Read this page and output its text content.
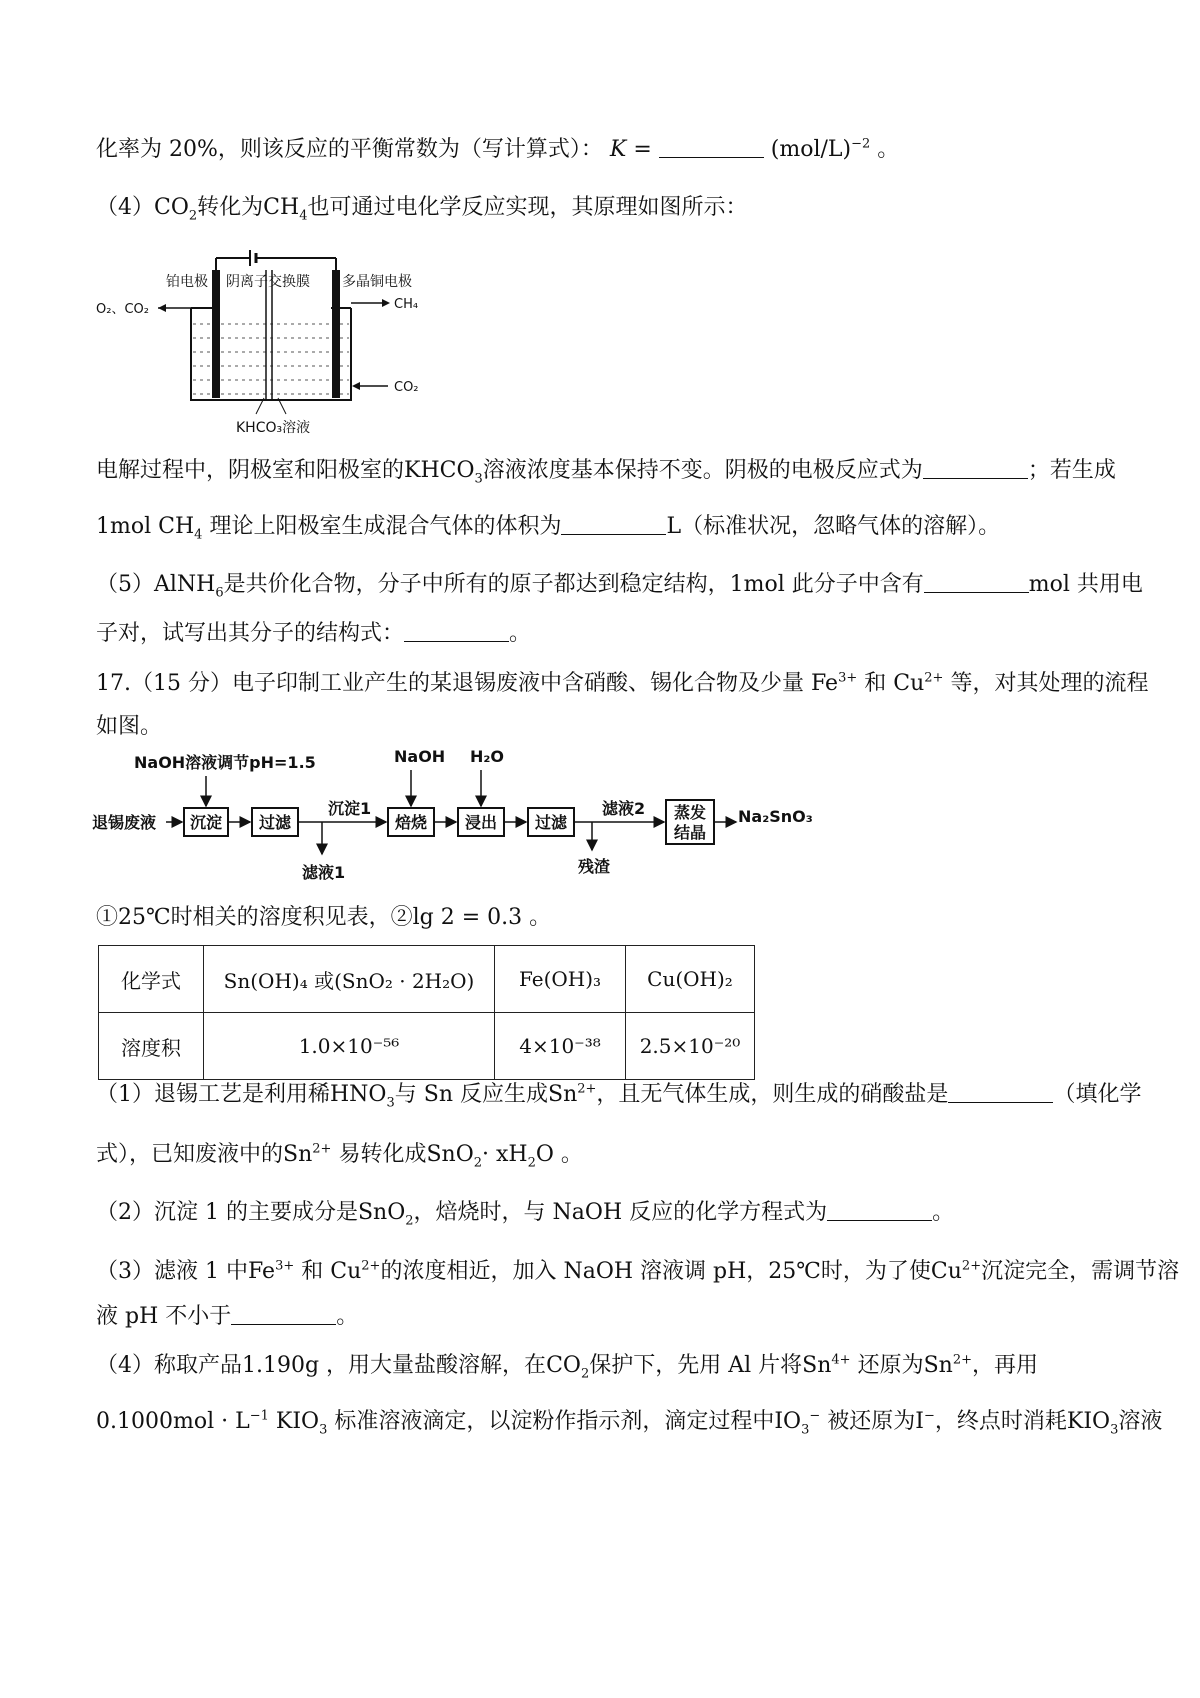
化率为 20%，则该反应的平衡常数为（写计算式）： K =	$(mol/L)^{-2}$ 。
$(4)CO_2$转化为$CH_4$也可通过电化学反应实现，其原理如图所示：
铂电极 阴离子交换膜 多晶铜电极
O₂、CO₂	CH₄
CO₂
KHCO₃溶液
电解过程中，阴极室和阳极室的$KHCO_3$溶液浓度基本保持不变。阴极的电极反应式为	；若生成
1mol $CH_4$ 理论上阳极室生成混合气体的体积为	L（标准状况，忽略气体的溶解）。
（5）AlNH$_6$是共价化合物，分子中所有的原子都达到稳定结构，1mol 此分子中含有	mol 共用电
子对，试写出其分子的结构式：	。
17.（15 分）电子印制工业产生的某退锡废液中含硝酸、锡化合物及少量 $Fe^{3+}$ 和 $Cu^{2+}$ 等，对其处理的流程
如图。
NaOH溶液调节pH=1.5	NaOH H₂O
退锡废液
沉淀1	滤液2
滤液1	残渣
Na₂SnO₃
沉淀 过滤	焙烧 浸出 过滤
蒸发
结晶
①25℃时相关的溶度积见表，②lg 2 = 0.3 。
化学式	Sn(OH)₄ 或(SnO₂ · 2H₂O)	Fe(OH)₃	Cu(OH)₂
溶度积	1.0×10⁻⁵⁶	4×10⁻³⁸	2.5×10⁻²⁰
（1）退锡工艺是利用稀$HNO_3$与 Sn 反应生成$Sn^{2+}$，且无气体生成，则生成的硝酸盐是	（填化学
式），已知废液中的$Sn^{2+}$ 易转化成$SnO_2\cdot xH_2O$ 。
（2）沉淀 1 的主要成分是SnO$_2$，焙烧时，与 NaOH 反应的化学方程式为	。
（3）滤液 1 中$Fe^{3+}$ 和 $Cu^{2+}$的浓度相近，加入 NaOH 溶液调 pH，25℃时，为了使$Cu^{2+}$沉淀完全，需调节溶
液 pH 不小于	。
（4）称取产品1.190g ，用大量盐酸溶解，在$CO_2$保护下，先用 Al 片将$Sn^{4+}$ 还原为$Sn^{2+}$，再用
$0.1000mol \cdot L^{-1}$ $KIO_3$ 标准溶液滴定，以淀粉作指示剂，滴定过程中$IO_3^-$ 被还原为I−，终点时消耗$KIO_3$溶液
